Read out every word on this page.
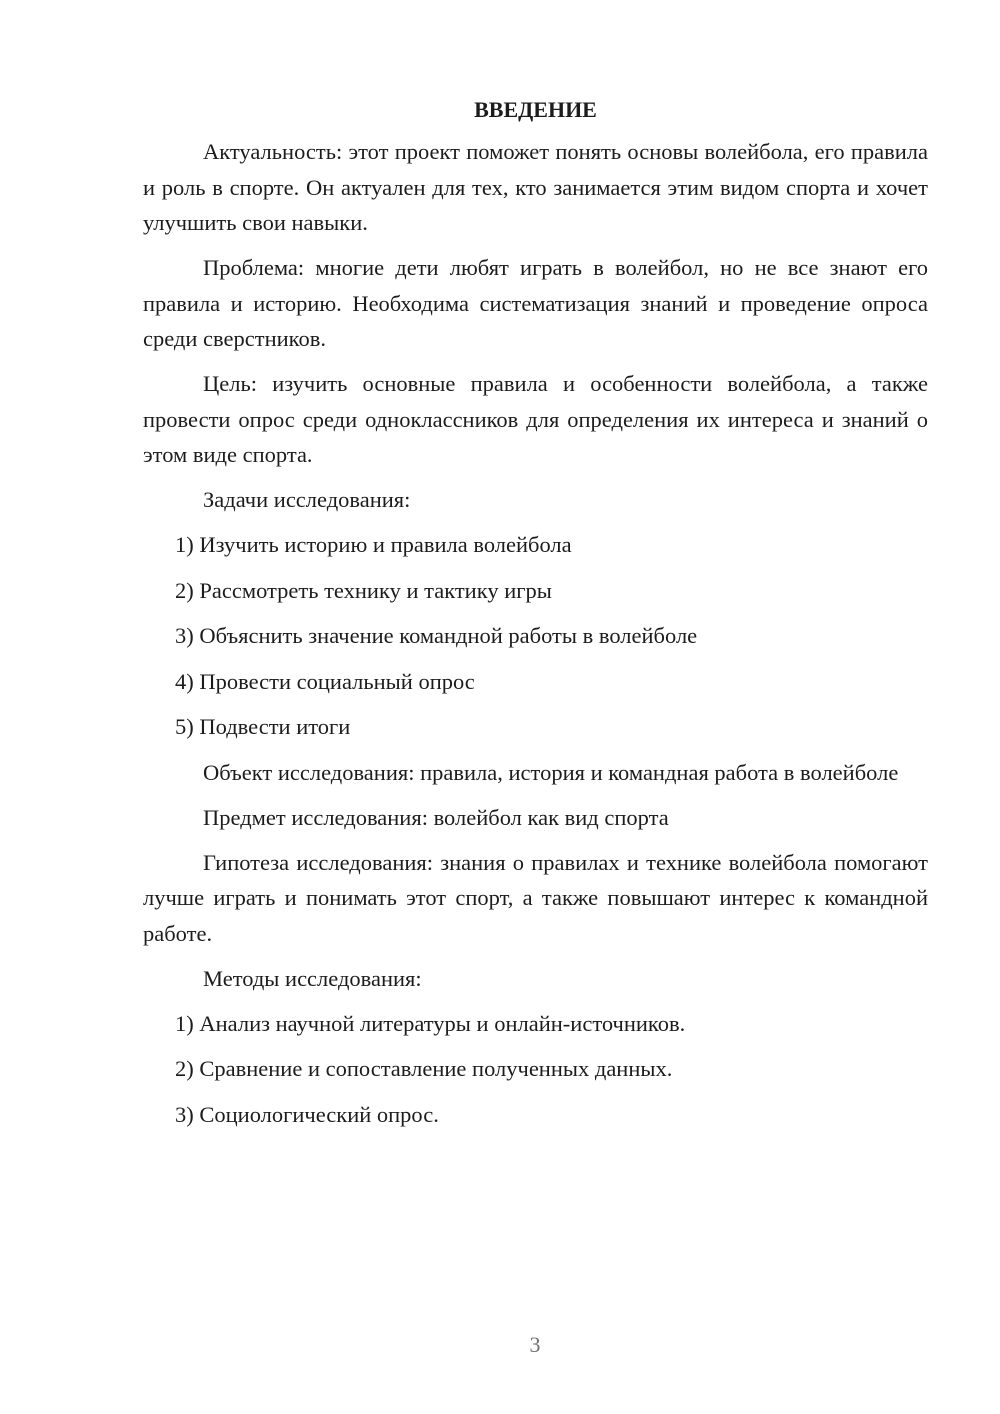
ВВЕДЕНИЕ

Актуальность: этот проект поможет понять основы волейбола, его правила и роль в спорте. Он актуален для тех, кто занимается этим видом спорта и хочет улучшить свои навыки.

Проблема: многие дети любят играть в волейбол, но не все знают его правила и историю. Необходима систематизация знаний и проведение опроса среди сверстников.

Цель: изучить основные правила и особенности волейбола, а также провести опрос среди одноклассников для определения их интереса и знаний о этом виде спорта.

Задачи исследования:

1) Изучить историю и правила волейбола

2) Рассмотреть технику и тактику игры

3) Объяснить значение командной работы в волейболе

4) Провести социальный опрос

5) Подвести итоги

Объект исследования: правила, история и командная работа в волейболе

Предмет исследования: волейбол как вид спорта

Гипотеза исследования: знания о правилах и технике волейбола помогают лучше играть и понимать этот спорт, а также повышают интерес к командной работе.

Методы исследования:

1) Анализ научной литературы и онлайн-источников.

2) Сравнение и сопоставление полученных данных.

3) Социологический опрос.

3
